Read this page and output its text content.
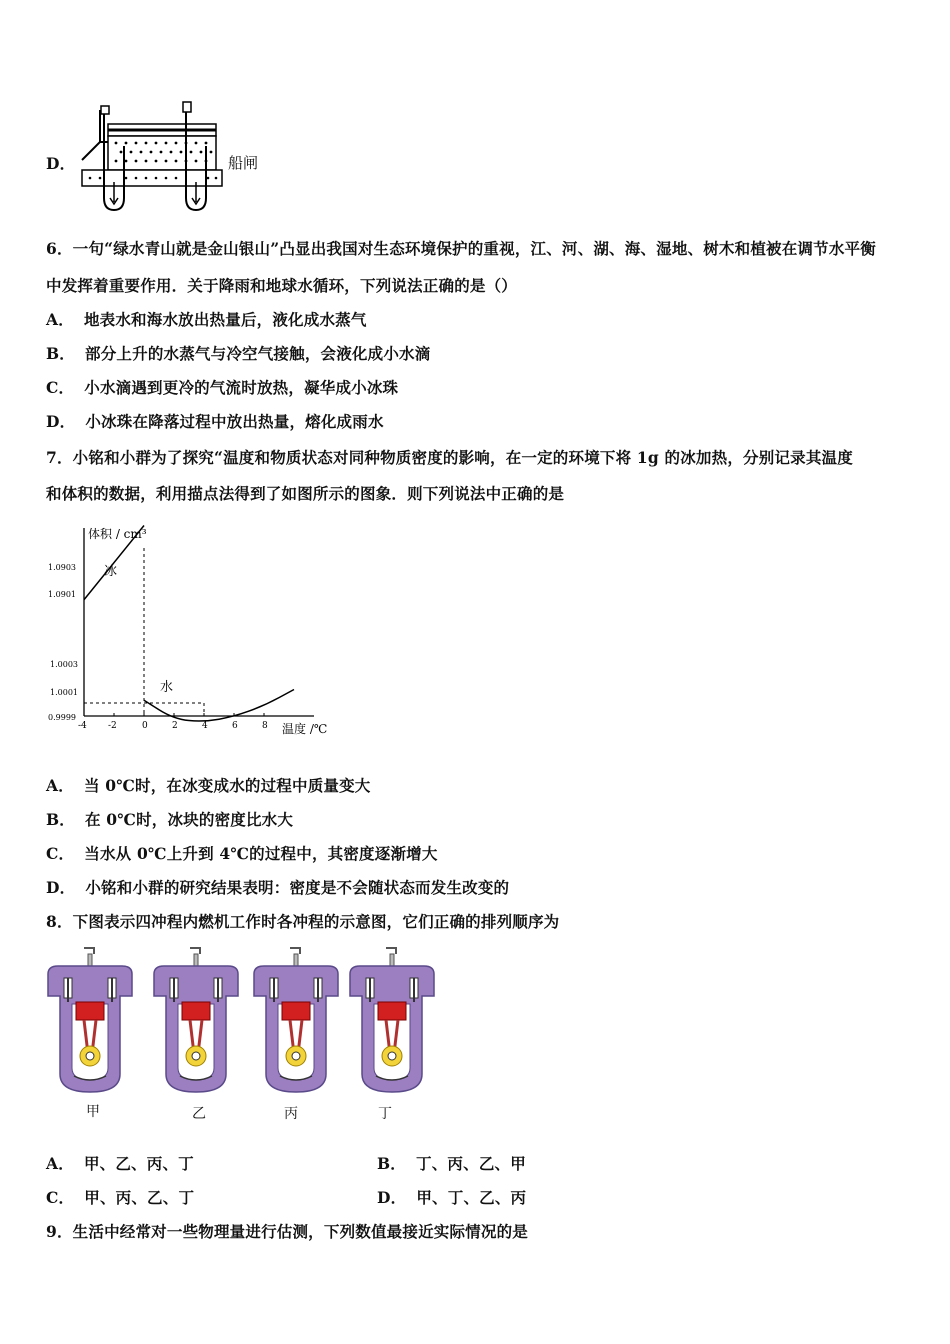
D．	船闸
6．一句“绿水青山就是金山银山”凸显出我国对生态环境保护的重视，江、河、湖、海、湿地、树木和植被在调节水平衡
中发挥着重要作用．关于降雨和地球水循环，下列说法正确的是（）
A． 地表水和海水放出热量后，液化成水蒸气
B． 部分上升的水蒸气与冷空气接触，会液化成小水滴
C． 小水滴遇到更冷的气流时放热，凝华成小冰珠
D． 小冰珠在降落过程中放出热量，熔化成雨水
7．小铭和小群为了探究“温度和物质状态对同种物质密度的影响，在一定的环境下将 1g 的冰加热，分别记录其温度
和体积的数据，利用描点法得到了如图所示的图象．则下列说法中正确的是
体积 / cm³
温度 /℃
1.0903
1.0901
1.0003
1.0001
0.9999
-4 -2	0	2	4	6	8
冰
水
A． 当 0℃时，在冰变成水的过程中质量变大
B． 在 0℃时，冰块的密度比水大
C． 当水从 0℃上升到 4℃的过程中，其密度逐渐增大
D． 小铭和小群的研究结果表明：密度是不会随状态而发生改变的
8．下图表示四冲程内燃机工作时各冲程的示意图，它们正确的排列顺序为
甲	乙	丙	丁
A． 甲、乙、丙、丁	B． 丁、丙、乙、甲
C． 甲、丙、乙、丁	D． 甲、丁、乙、丙
9．生活中经常对一些物理量进行估测，下列数值最接近实际情况的是
